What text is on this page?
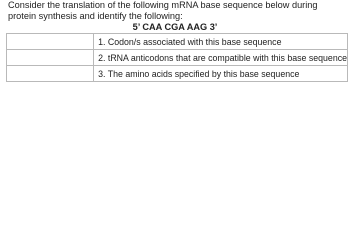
Consider the translation of the following mRNA base sequence below during protein synthesis and identify the following:

5’ CAA CGA AAG 3’
	1. Codon/s associated with this base sequence
	2. tRNA anticodons that are compatible with this base sequence
	3. The amino acids specified by this base sequence
